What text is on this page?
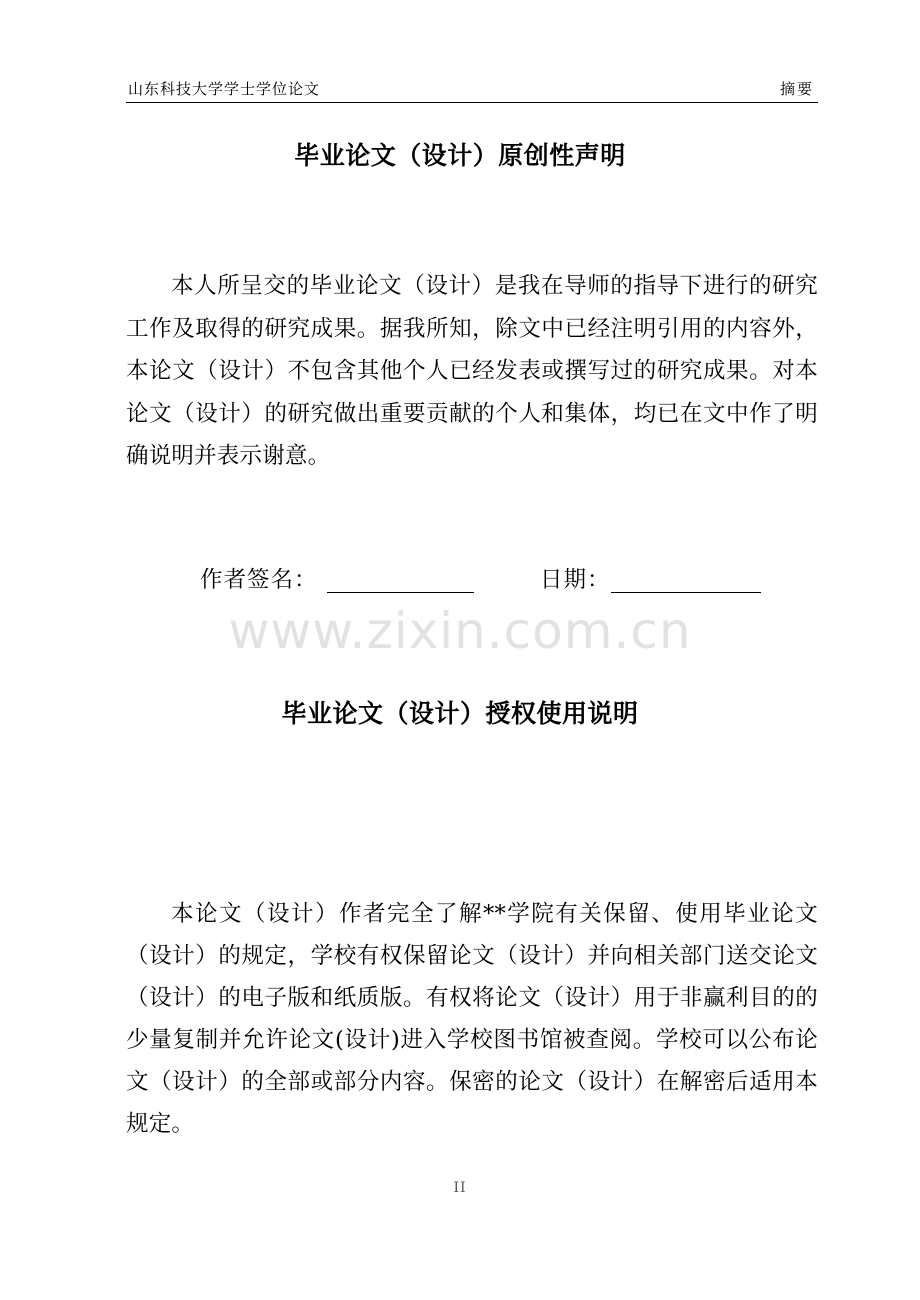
山东科技大学学士学位论文	摘要
毕业论文（设计）原创性声明
本人所呈交的毕业论文（设计）是我在导师的指导下进行的研究工作及取得的研究成果。据我所知，除文中已经注明引用的内容外，本论文（设计）不包含其他个人已经发表或撰写过的研究成果。对本论文（设计）的研究做出重要贡献的个人和集体，均已在文中作了明确说明并表示谢意。
作者签名：	日期：
www.zixin.com.cn
毕业论文（设计）授权使用说明
本论文（设计）作者完全了解**学院有关保留、使用毕业论文（设计）的规定，学校有权保留论文（设计）并向相关部门送交论文（设计）的电子版和纸质版。有权将论文（设计）用于非赢利目的的少量复制并允许论文(设计)进入学校图书馆被查阅。学校可以公布论文（设计）的全部或部分内容。保密的论文（设计）在解密后适用本规定。
II
